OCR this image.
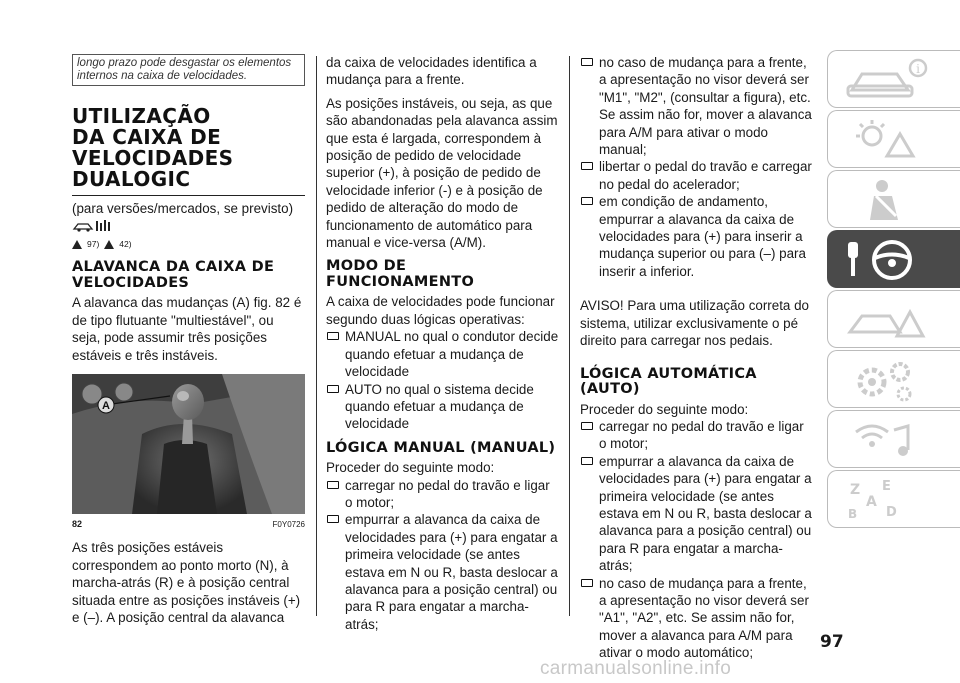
longo prazo pode desgastar os elementos internos na caixa de velocidades.
UTILIZAÇÃO
DA CAIXA DE
VELOCIDADES
DUALOGIC

(para versões/mercados, se previsto)

97) 42)
ALAVANCA DA CAIXA DE VELOCIDADES

A alavanca das mudanças (A) fig. 82 é de tipo flutuante "multiestável", ou seja, pode assumir três posições estáveis e três instáveis.

A
82	F0Y0726

As três posições estáveis correspondem ao ponto morto (N), à marcha-atrás (R) e à posição central situada entre as posições instáveis (+) e (–). A posição central da alavanca

da caixa de velocidades identifica a mudança para a frente.

As posições instáveis, ou seja, as que são abandonadas pela alavanca assim que esta é largada, correspondem à posição de pedido de velocidade superior (+), à posição de pedido de velocidade inferior (-) e à posição de pedido de alteração do modo de funcionamento de automático para manual e vice-versa (A/M).

MODO DE FUNCIONAMENTO

A caixa de velocidades pode funcionar segundo duas lógicas operativas:

MANUAL no qual o condutor decide quando efetuar a mudança de velocidade
AUTO no qual o sistema decide quando efetuar a mudança de velocidade
LÓGICA MANUAL (MANUAL)

Proceder do seguinte modo:

carregar no pedal do travão e ligar o motor;
empurrar a alavanca da caixa de velocidades para (+) para engatar a primeira velocidade (se antes estava em N ou R, basta deslocar a alavanca para a posição central) ou para R para engatar a marcha-atrás;
no caso de mudança para a frente, a apresentação no visor deverá ser "M1", "M2", (consultar a figura), etc. Se assim não for, mover a alavanca para A/M para ativar o modo manual;
libertar o pedal do travão e carregar no pedal do acelerador;
em condição de andamento, empurrar a alavanca da caixa de velocidades para (+) para inserir a mudança superior ou para (–) para inserir a inferior.

AVISO! Para uma utilização correta do sistema, utilizar exclusivamente o pé direito para carregar nos pedais.

LÓGICA AUTOMÁTICA (AUTO)

Proceder do seguinte modo:

carregar no pedal do travão e ligar o motor;
empurrar a alavanca da caixa de velocidades para (+) para engatar a primeira velocidade (se antes estava em N ou R, basta deslocar a alavanca para a posição central) ou para R para engatar a marcha-atrás;
no caso de mudança para a frente, a apresentação no visor deverá ser "A1", "A2", etc. Se assim não for, mover a alavanca para A/M para ativar o modo automático;
i
Z E
A
B D
97
carmanualsonline.info
